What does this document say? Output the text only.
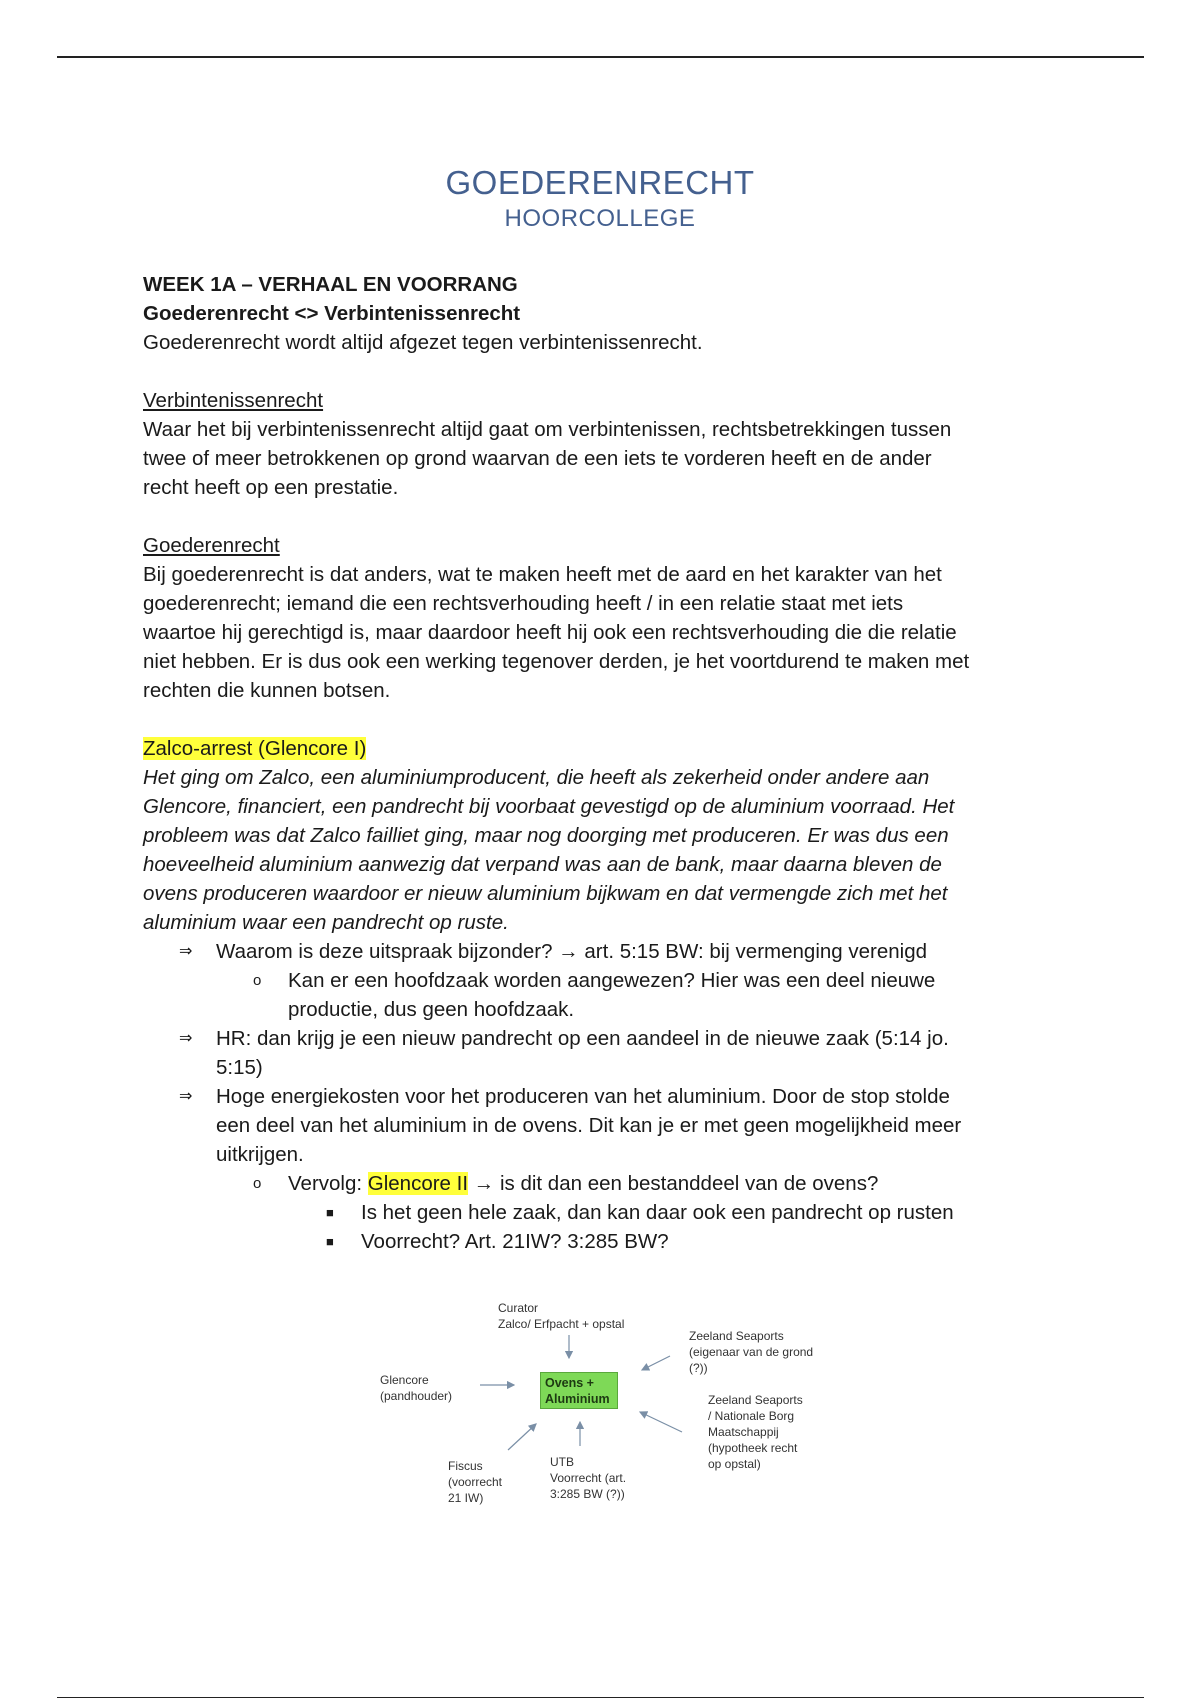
GOEDERENRECHT
HOORCOLLEGE

WEEK 1A – VERHAAL EN VOORRANG

Goederenrecht <> Verbintenissenrecht

Goederenrecht wordt altijd afgezet tegen verbintenissenrecht.

Verbintenissenrecht

Waar het bij verbintenissenrecht altijd gaat om verbintenissen, rechtsbetrekkingen tussen

twee of meer betrokkenen op grond waarvan de een iets te vorderen heeft en de ander

recht heeft op een prestatie.

Goederenrecht

Bij goederenrecht is dat anders, wat te maken heeft met de aard en het karakter van het

goederenrecht; iemand die een rechtsverhouding heeft / in een relatie staat met iets

waartoe hij gerechtigd is, maar daardoor heeft hij ook een rechtsverhouding die die relatie

niet hebben. Er is dus ook een werking tegenover derden, je het voortdurend te maken met

rechten die kunnen botsen.

Zalco-arrest (Glencore I)

Het ging om Zalco, een aluminiumproducent, die heeft als zekerheid onder andere aan

Glencore, financiert, een pandrecht bij voorbaat gevestigd op de aluminium voorraad. Het

probleem was dat Zalco failliet ging, maar nog doorging met produceren. Er was dus een

hoeveelheid aluminium aanwezig dat verpand was aan de bank, maar daarna bleven de

ovens produceren waardoor er nieuw aluminium bijkwam en dat vermengde zich met het

aluminium waar een pandrecht op ruste.

⇒ Waarom is deze uitspraak bijzonder? → art. 5:15 BW: bij vermenging verenigd
o Kan er een hoofdzaak worden aangewezen? Hier was een deel nieuwe
productie, dus geen hoofdzaak.
⇒ HR: dan krijg je een nieuw pandrecht op een aandeel in de nieuwe zaak (5:14 jo.
5:15)
⇒ Hoge energiekosten voor het produceren van het aluminium. Door de stop stolde
een deel van het aluminium in de ovens. Dit kan je er met geen mogelijkheid meer
uitkrijgen.
o Vervolg: Glencore II → is dit dan een bestanddeel van de ovens?
■ Is het geen hele zaak, dan kan daar ook een pandrecht op rusten
■ Voorrecht? Art. 21IW? 3:285 BW?
Ovens +
Aluminium
Curator
Zalco/ Erfpacht + opstal
Glencore
(pandhouder)
Zeeland Seaports
(eigenaar van de grond
(?))
Zeeland Seaports
/ Nationale Borg
Maatschappij
(hypotheek recht
op opstal)
Fiscus
(voorrecht
21 IW)
UTB
Voorrecht (art.
3:285 BW (?))
